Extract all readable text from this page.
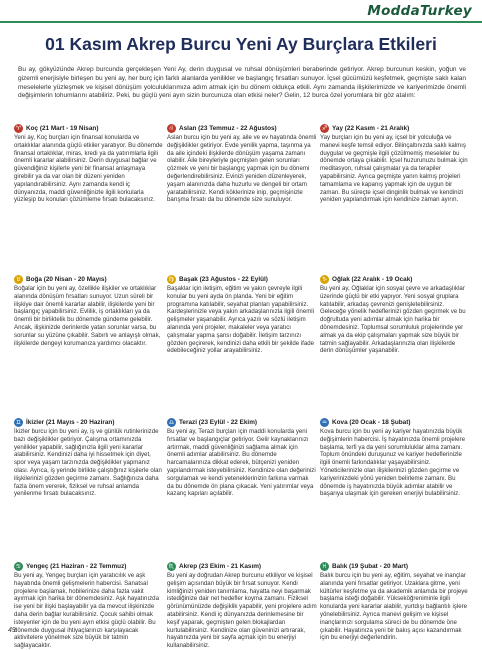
ModdaTurkey
01 Kasım Akrep Burcu Yeni Ay Burçlara Etkileri
Bu ay, gökyüzünde Akrep burcunda gerçekleşen Yeni Ay, derin duygusal ve ruhsal dönüşümleri beraberinde getiriyor. Akrep burcunun keskin, yoğun ve gizemli enerjisiyle birleşen bu yeni ay, her burç için farklı alanlarda yenilikler ve başlangıç fırsatları sunuyor. İçsel gücümüzü keşfetmek, geçmişte saklı kalan meselelerle yüzleşmek ve kişisel dönüşüm yolculuklarımıza adım atmak için bu dönem oldukça etkili. Aynı zamanda ilişkilerimizde ve kariyerimizde önemli değişimlerin tohumlarını atabiliriz. Peki, bu güçlü yeni ayın sizin burcunuza olan etkisi neler? Gelin, 12 burca özel yorumlara bir göz atalım:
♈ Koç (21 Mart - 19 Nisan)
Yeni ay, Koç burçları için finansal konularda ve ortaklıklar alanında güçlü etkiler yaratıyor. Bu dönemde finansal ortaklıklar, miras, kredi ya da yatırımlarla ilgili önemli kararlar alabilirsiniz. Derin duygusal bağlar ve güvendiğiniz kişilerle yeni bir finansal anlaşmaya girebilir ya da var olan bir düzeni yeniden yapılandırabilirsiniz. Aynı zamanda kendi iç dünyanızda, maddi güvenliğinizle ilgili korkularla yüzleşip bu konuları çözümleme fırsatı bulacaksınız.
♌ Aslan (23 Temmuz - 22 Ağustos)
Aslan burcu için bu yeni ay, aile ve ev hayatında önemli değişiklikler getiriyor. Evde yenilik yapma, taşınma ya da aile içindeki ilişkilerde dönüşüm yaşama zamanı olabilir. Aile bireyleriyle geçmişten gelen sorunları çözmek ve yeni bir başlangıç yapmak için bu dönemi değerlendirebilirsiniz. Evinizi yeniden düzenleyerek, yaşam alanınızda daha huzurlu ve dengeli bir ortam yaratabilirsiniz. Kendi köklerinize inip, geçmişinizle barışma fırsatı da bu dönemde size sunuluyor.
♐ Yay (22 Kasım - 21 Aralık)
Yay burçları için bu yeni ay, içsel bir yolculuğa ve manevi keşfe temsil ediyor. Bilinçaltınızda saklı kalmış duygular ve geçmişle ilgili çözülmemiş meseleler bu dönemde ortaya çıkabilir. İçsel huzurunuzu bulmak için meditasyon, ruhsal çalışmalar ya da terapiler yapabilirsiniz. Ayrıca geçmişte yanın kalmış projeleri tamamlama ve kapanış yapmak için de uygun bir zaman. Bu süreçte içsel dinginlik bulmak ve kendinizi yeniden yapılandırmak için kendinize zaman ayırın.
♉ Boğa (20 Nisan - 20 Mayıs)
Boğalar için bu yeni ay, özellikle ilişkiler ve ortaklıklar alanında dönüşüm fırsatları sunuyor. Uzun süreli bir ilişkiye dair önemli kararlar alabilir, ilişkilerde yeni bir başlangıç yapabilirsiniz. Evlilik, iş ortaklıkları ya da önemli bir birliktelik bu dönemde gündeme gelebilir. Ancak, ilişkinizde derinlerde yatan sorunlar varsa, bu sorunlar su yüzüne çıkabilir. Sabırlı ve anlayışlı olmak, ilişkilerde dengeyi korumanıza yardımcı olacaktır.
♍ Başak (23 Ağustos - 22 Eylül)
Başaklar için iletişim, eğitim ve yakın çevreyle ilgili konular bu yeni ayda ön planda. Yeni bir eğitim programına katılabilir, seyahat planları yapabilirsiniz. Kardeşlerinizle veya yakın arkadaşlarınızla ilgili önemli gelişmeler yaşanabilir. Ayrıca yazılı ve sözlü iletişim alanında yeni projeler, makaleler veya yaratıcı çalışmalar yapma şansı doğabilir. İletişim tarzınızı gözden geçirerek, kendinizi daha etkili bir şekilde ifade edebileceğiniz yollar arayabilirsiniz.
♑ Oğlak (22 Aralık - 19 Ocak)
Bu yeni ay, Oğlaklar için sosyal çevre ve arkadaşlıklar üzerinde güçlü bir etki yapıyor. Yeni sosyal gruplara katılabilir, arkadaş çevrenizi genişletebilirsiniz. Geleceğe yönelik hedeflerinizi gözden geçirmek ve bu doğrultuda yeni adımlar atmak için harika bir dönemdesiniz. Toplumsal sorumluluk projelerinde yer almak ya da ekip çalışmaları yapmak size büyük bir tatmin sağlayabilir. Arkadaşlarınızla olan ilişkilerde derin dönüşümler yaşanabilir.
♊ İkizler (21 Mayıs - 20 Haziran)
İkizler burcu için bu yeni ay, iş ve günlük rutinlerinizde bazı değişiklikler getiriyor. Çalışma ortamınızda yenilikler yapabilir, sağlığınızla ilgili yeni kararlar alabilirsiniz. Kendinizi daha iyi hissetmek için diyet, spor veya yaşam tarzınızda değişiklikler yapmanız olası. Ayrıca, iş yerinde birlikte çalıştığınız kişilerle olan ilişkilerinizi gözden geçirme zamanı. Sağlığınıza daha fazla önem vererek, fiziksel ve ruhsal anlamda yenilenme fırsatı bulacaksınız.
♎ Terazi (23 Eylül - 22 Ekim)
Bu yeni ay, Terazi burçları için maddi konularda yeni fırsatlar ve başlangıçlar getiriyor. Gelir kaynaklarınızı artırmak, maddi güvenliğinizi sağlama almak için önemli adımlar atabilirsiniz. Bu dönemde harcamalarınıza dikkat ederek, bütçenizi yeniden yapılandırmak isteyebilirsiniz. Kendinize olan değerinizi sorgulamak ve kendi yeteneklerinizin farkına varmak da bu dönemde ön plana çıkacak. Yeni yatırımlar veya kazanç kapıları açılabilir.
♒ Kova (20 Ocak - 18 Şubat)
Kova burcu için bu yeni ay kariyer hayatınızda büyük değişimlerin habercisi. İş hayatınızda önemli projelere başlama, terfi ya da yeni sorumluluklar alma zamanı. Toplum önündeki duruşunuz ve kariyer hedeflerinizle ilgili önemli farkındalıklar yaşayabilirsiniz. Yöneticilerinizle olan ilişkilerinizi gözden geçirme ve kariyerinizdeki yönü yeniden belirleme zamanı. Bu dönemde iş hayatınızda büyük adımlar atabilir ve başarıya ulaşmak için gereken enerjiyi bulabilirsiniz.
♋ Yengeç (21 Haziran - 22 Temmuz)
Bu yeni ay, Yengeç burçları için yaratıcılık ve aşk hayatında önemli gelişmelerin habercisi. Sanatsal projelere başlamak, hobilerinize daha fazla vakit ayırmak için harika bir dönemdesiniz. Aşk hayatınızda ise yeni bir ilişki başlayabilir ya da mevcut ilişkinizde daha derin bağlar kurabilirsiniz. Çocuk sahibi olmak isteyenler için de bu yeni ayın etkisi güçlü olabilir. Bu dönemde duygusal ihtiyaçlarınızı karşılayacak aktivitelere yönelmek size büyük bir tatmin sağlayacaktır.
♏ Akrep (23 Ekim - 21 Kasım)
Bu yeni ay doğrudan Akrep burcunu etkiliyor ve kişisel gelişim açısından büyük bir fırsat sunuyor. Kendi kimliğinizi yeniden tanımlama, hayatta neyi başarmak istediğinize dair net hedefler koyma zamanı. Fiziksel görünümünüzde değişiklik yapabilir, yeni projelere adım atabilirsiniz. Kendi iç dünyanızda derinlemesine bir keşif yaparak, geçmişten gelen blokajlardan kurtulabilirsiniz. Kendinize olan güveninizi artırarak, hayatınızda yeni bir sayfa açmak için bu enerjiyi kullanabilirsiniz.
♓ Balık (19 Şubat - 20 Mart)
Balık burcu için bu yeni ay, eğitim, seyahat ve inançlar alanında yeni fırsatlar getiriyor. Uzaklara gitme, yeni kültürler keşfetme ya da akademik anlamda bir projeye başlama isteği doğabilir. Yükseköğreniminle ilgili konularda yeni kararlar alabilir, yurtdışı bağlantılı işlere yönelebilirsiniz. Ayrıca manevi gelişim ve kişisel inançlarınızı sorgulama süreci de bu dönemde öne çıkabilir. Hayatınıza yeni bir bakış açısı kazandırmak için bu enerjiyi değerlendirin.
49
